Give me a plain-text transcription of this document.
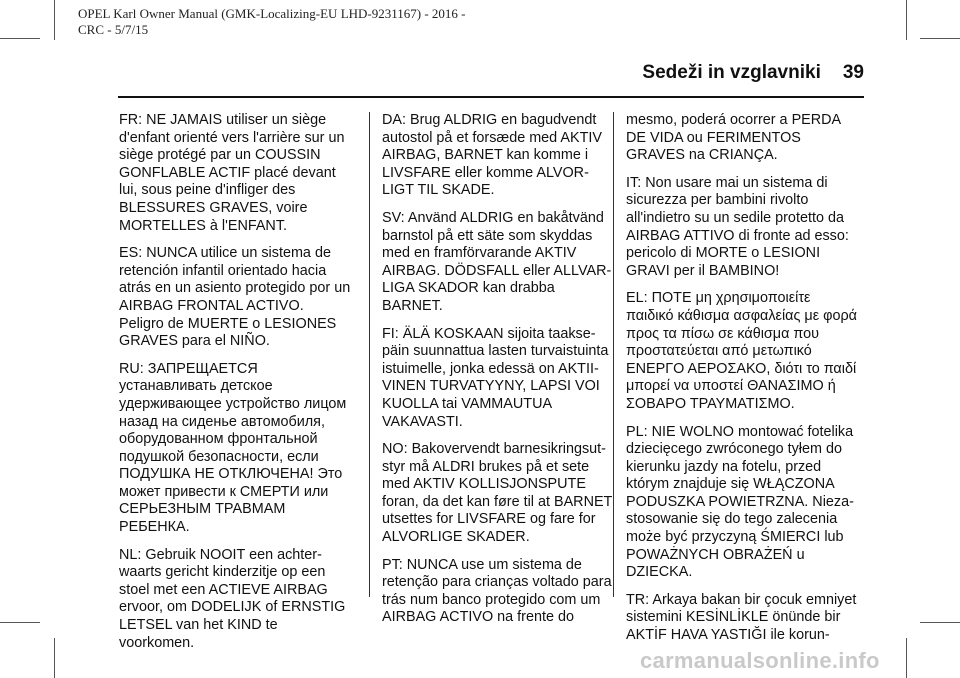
OPEL Karl Owner Manual (GMK-Localizing-EU LHD-9231167) - 2016 -
CRC - 5/7/15
Sedeži in vzglavniki 39

FR: NE JAMAIS utiliser un siège
d'enfant orienté vers l'arrière sur un
siège protégé par un COUSSIN
GONFLABLE ACTIF placé devant
lui, sous peine d'infliger des
BLESSURES GRAVES, voire
MORTELLES à l'ENFANT.

ES: NUNCA utilice un sistema de
retención infantil orientado hacia
atrás en un asiento protegido por un
AIRBAG FRONTAL ACTIVO.
Peligro de MUERTE o LESIONES
GRAVES para el NIÑO.

RU: ЗАПРЕЩАЕТСЯ
устанавливать детское
удерживающее устройство лицом
назад на сиденье автомобиля,
оборудованном фронтальной
подушкой безопасности, если
ПОДУШКА НЕ ОТКЛЮЧЕНА! Это
может привести к СМЕРТИ или
СЕРЬЕЗНЫМ ТРАВМАМ
РЕБЕНКА.

NL: Gebruik NOOIT een achter-
waarts gericht kinderzitje op een
stoel met een ACTIEVE AIRBAG
ervoor, om DODELIJK of ERNSTIG
LETSEL van het KIND te
voorkomen.

DA: Brug ALDRIG en bagudvendt
autostol på et forsæde med AKTIV
AIRBAG, BARNET kan komme i
LIVSFARE eller komme ALVOR-
LIGT TIL SKADE.

SV: Använd ALDRIG en bakåtvänd
barnstol på ett säte som skyddas
med en framförvarande AKTIV
AIRBAG. DÖDSFALL eller ALLVAR-
LIGA SKADOR kan drabba
BARNET.

FI: ÄLÄ KOSKAAN sijoita taakse-
päin suunnattua lasten turvaistuinta
istuimelle, jonka edessä on AKTII-
VINEN TURVATYYNY, LAPSI VOI
KUOLLA tai VAMMAUTUA
VAKAVASTI.

NO: Bakovervendt barnesikringsut-
styr må ALDRI brukes på et sete
med AKTIV KOLLISJONSPUTE
foran, da det kan føre til at BARNET
utsettes for LIVSFARE og fare for
ALVORLIGE SKADER.

PT: NUNCA use um sistema de
retenção para crianças voltado para
trás num banco protegido com um
AIRBAG ACTIVO na frente do

mesmo, poderá ocorrer a PERDA
DE VIDA ou FERIMENTOS
GRAVES na CRIANÇA.

IT: Non usare mai un sistema di
sicurezza per bambini rivolto
all'indietro su un sedile protetto da
AIRBAG ATTIVO di fronte ad esso:
pericolo di MORTE o LESIONI
GRAVI per il BAMBINO!

EL: ΠΟΤΕ μη χρησιμοποιείτε
παιδικό κάθισμα ασφαλείας με φορά
προς τα πίσω σε κάθισμα που
προστατεύεται από μετωπικό
ΕΝΕΡΓΟ ΑΕΡΟΣΑΚΟ, διότι το παιδί
μπορεί να υποστεί ΘΑΝΑΣΙΜΟ ή
ΣΟΒΑΡΟ ΤΡΑΥΜΑΤΙΣΜΟ.

PL: NIE WOLNO montować fotelika
dziecięcego zwróconego tyłem do
kierunku jazdy na fotelu, przed
którym znajduje się WŁĄCZONA
PODUSZKA POWIETRZNA. Nieza-
stosowanie się do tego zalecenia
może być przyczyną ŚMIERCI lub
POWAŻNYCH OBRAŻEŃ u
DZIECKA.

TR: Arkaya bakan bir çocuk emniyet
sistemini KESİNLİKLE önünde bir
AKTİF HAVA YASTIĞI ile korun-

carmanualsonline.info
